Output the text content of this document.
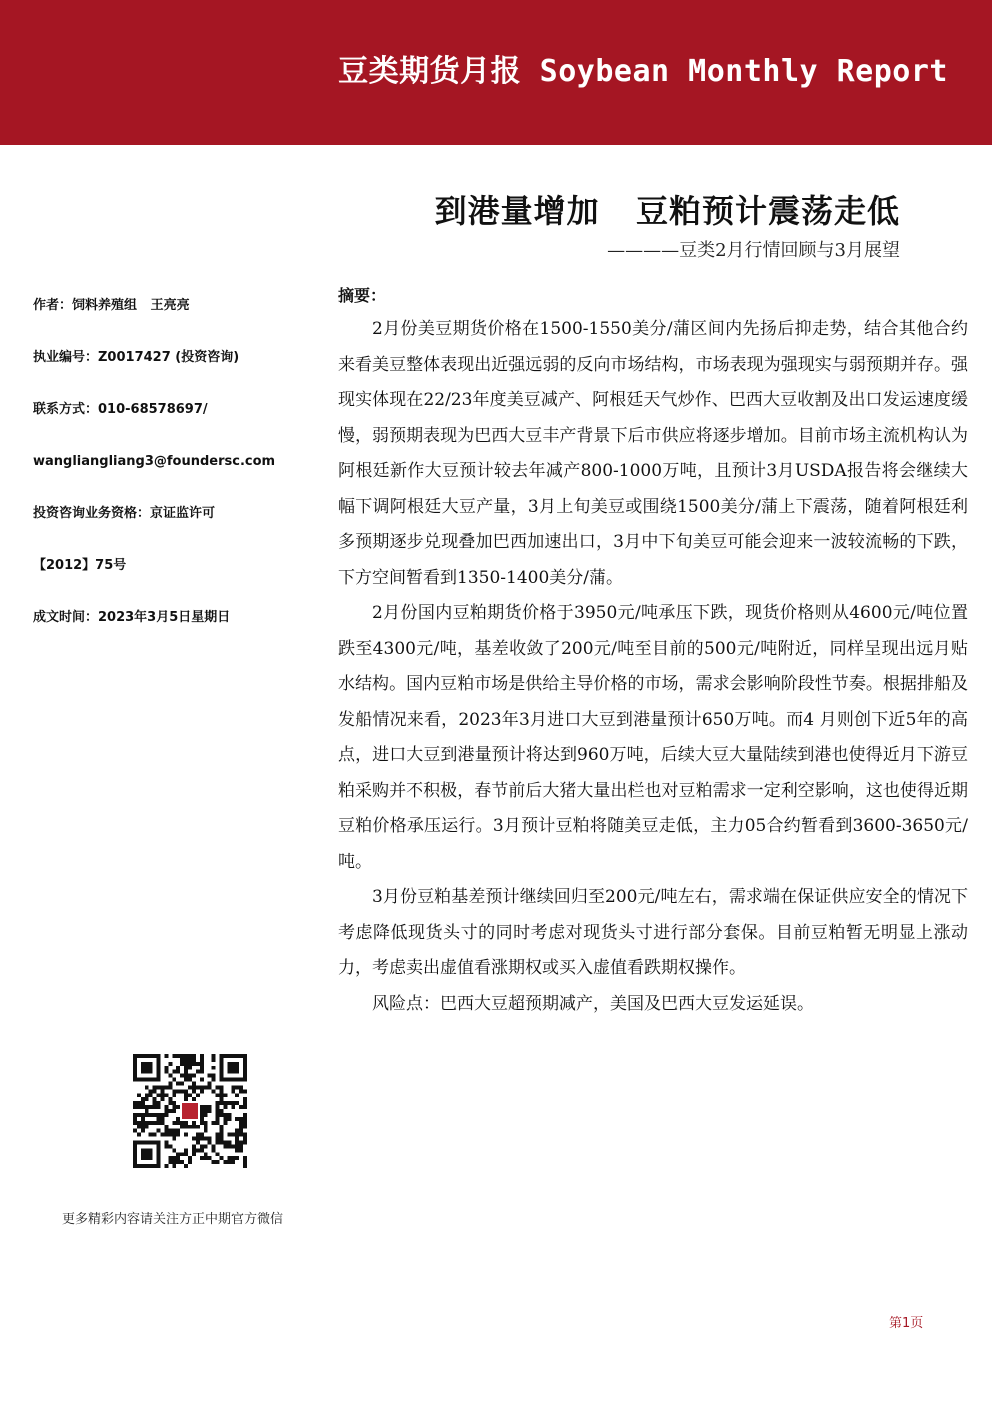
豆类期货月报 Soybean Monthly Report
到港量增加   豆粕预计震荡走低
————豆类2月行情回顾与3月展望
作者：饲料养殖组   王亮亮
执业编号：Z0017427 (投资咨询)
联系方式：010-68578697/
wangliangliang3@foundersc.com
投资咨询业务资格：京证监许可
【2012】75号
成文时间：2023年3月5日星期日
更多精彩内容请关注方正中期官方微信
摘要：

2月份美豆期货价格在1500-1550美分/蒲区间内先扬后抑走势，结合其他合约来看美豆整体表现出近强远弱的反向市场结构，市场表现为强现实与弱预期并存。强现实体现在22/23年度美豆减产、阿根廷天气炒作、巴西大豆收割及出口发运速度缓慢，弱预期表现为巴西大豆丰产背景下后市供应将逐步增加。目前市场主流机构认为阿根廷新作大豆预计较去年减产800-1000万吨，且预计3月USDA报告将会继续大幅下调阿根廷大豆产量，3月上旬美豆或围绕1500美分/蒲上下震荡，随着阿根廷利多预期逐步兑现叠加巴西加速出口，3月中下旬美豆可能会迎来一波较流畅的下跌，下方空间暂看到1350-1400美分/蒲。

2月份国内豆粕期货价格于3950元/吨承压下跌，现货价格则从4600元/吨位置跌至4300元/吨，基差收敛了200元/吨至目前的500元/吨附近，同样呈现出远月贴水结构。国内豆粕市场是供给主导价格的市场，需求会影响阶段性节奏。根据排船及发船情况来看，2023年3月进口大豆到港量预计650万吨。而4 月则创下近5年的高点，进口大豆到港量预计将达到960万吨，后续大豆大量陆续到港也使得近月下游豆粕采购并不积极，春节前后大猪大量出栏也对豆粕需求一定利空影响，这也使得近期豆粕价格承压运行。3月预计豆粕将随美豆走低，主力05合约暂看到3600-3650元/吨。

3月份豆粕基差预计继续回归至200元/吨左右，需求端在保证供应安全的情况下考虑降低现货头寸的同时考虑对现货头寸进行部分套保。目前豆粕暂无明显上涨动力，考虑卖出虚值看涨期权或买入虚值看跌期权操作。

风险点：巴西大豆超预期减产，美国及巴西大豆发运延误。

第1页
